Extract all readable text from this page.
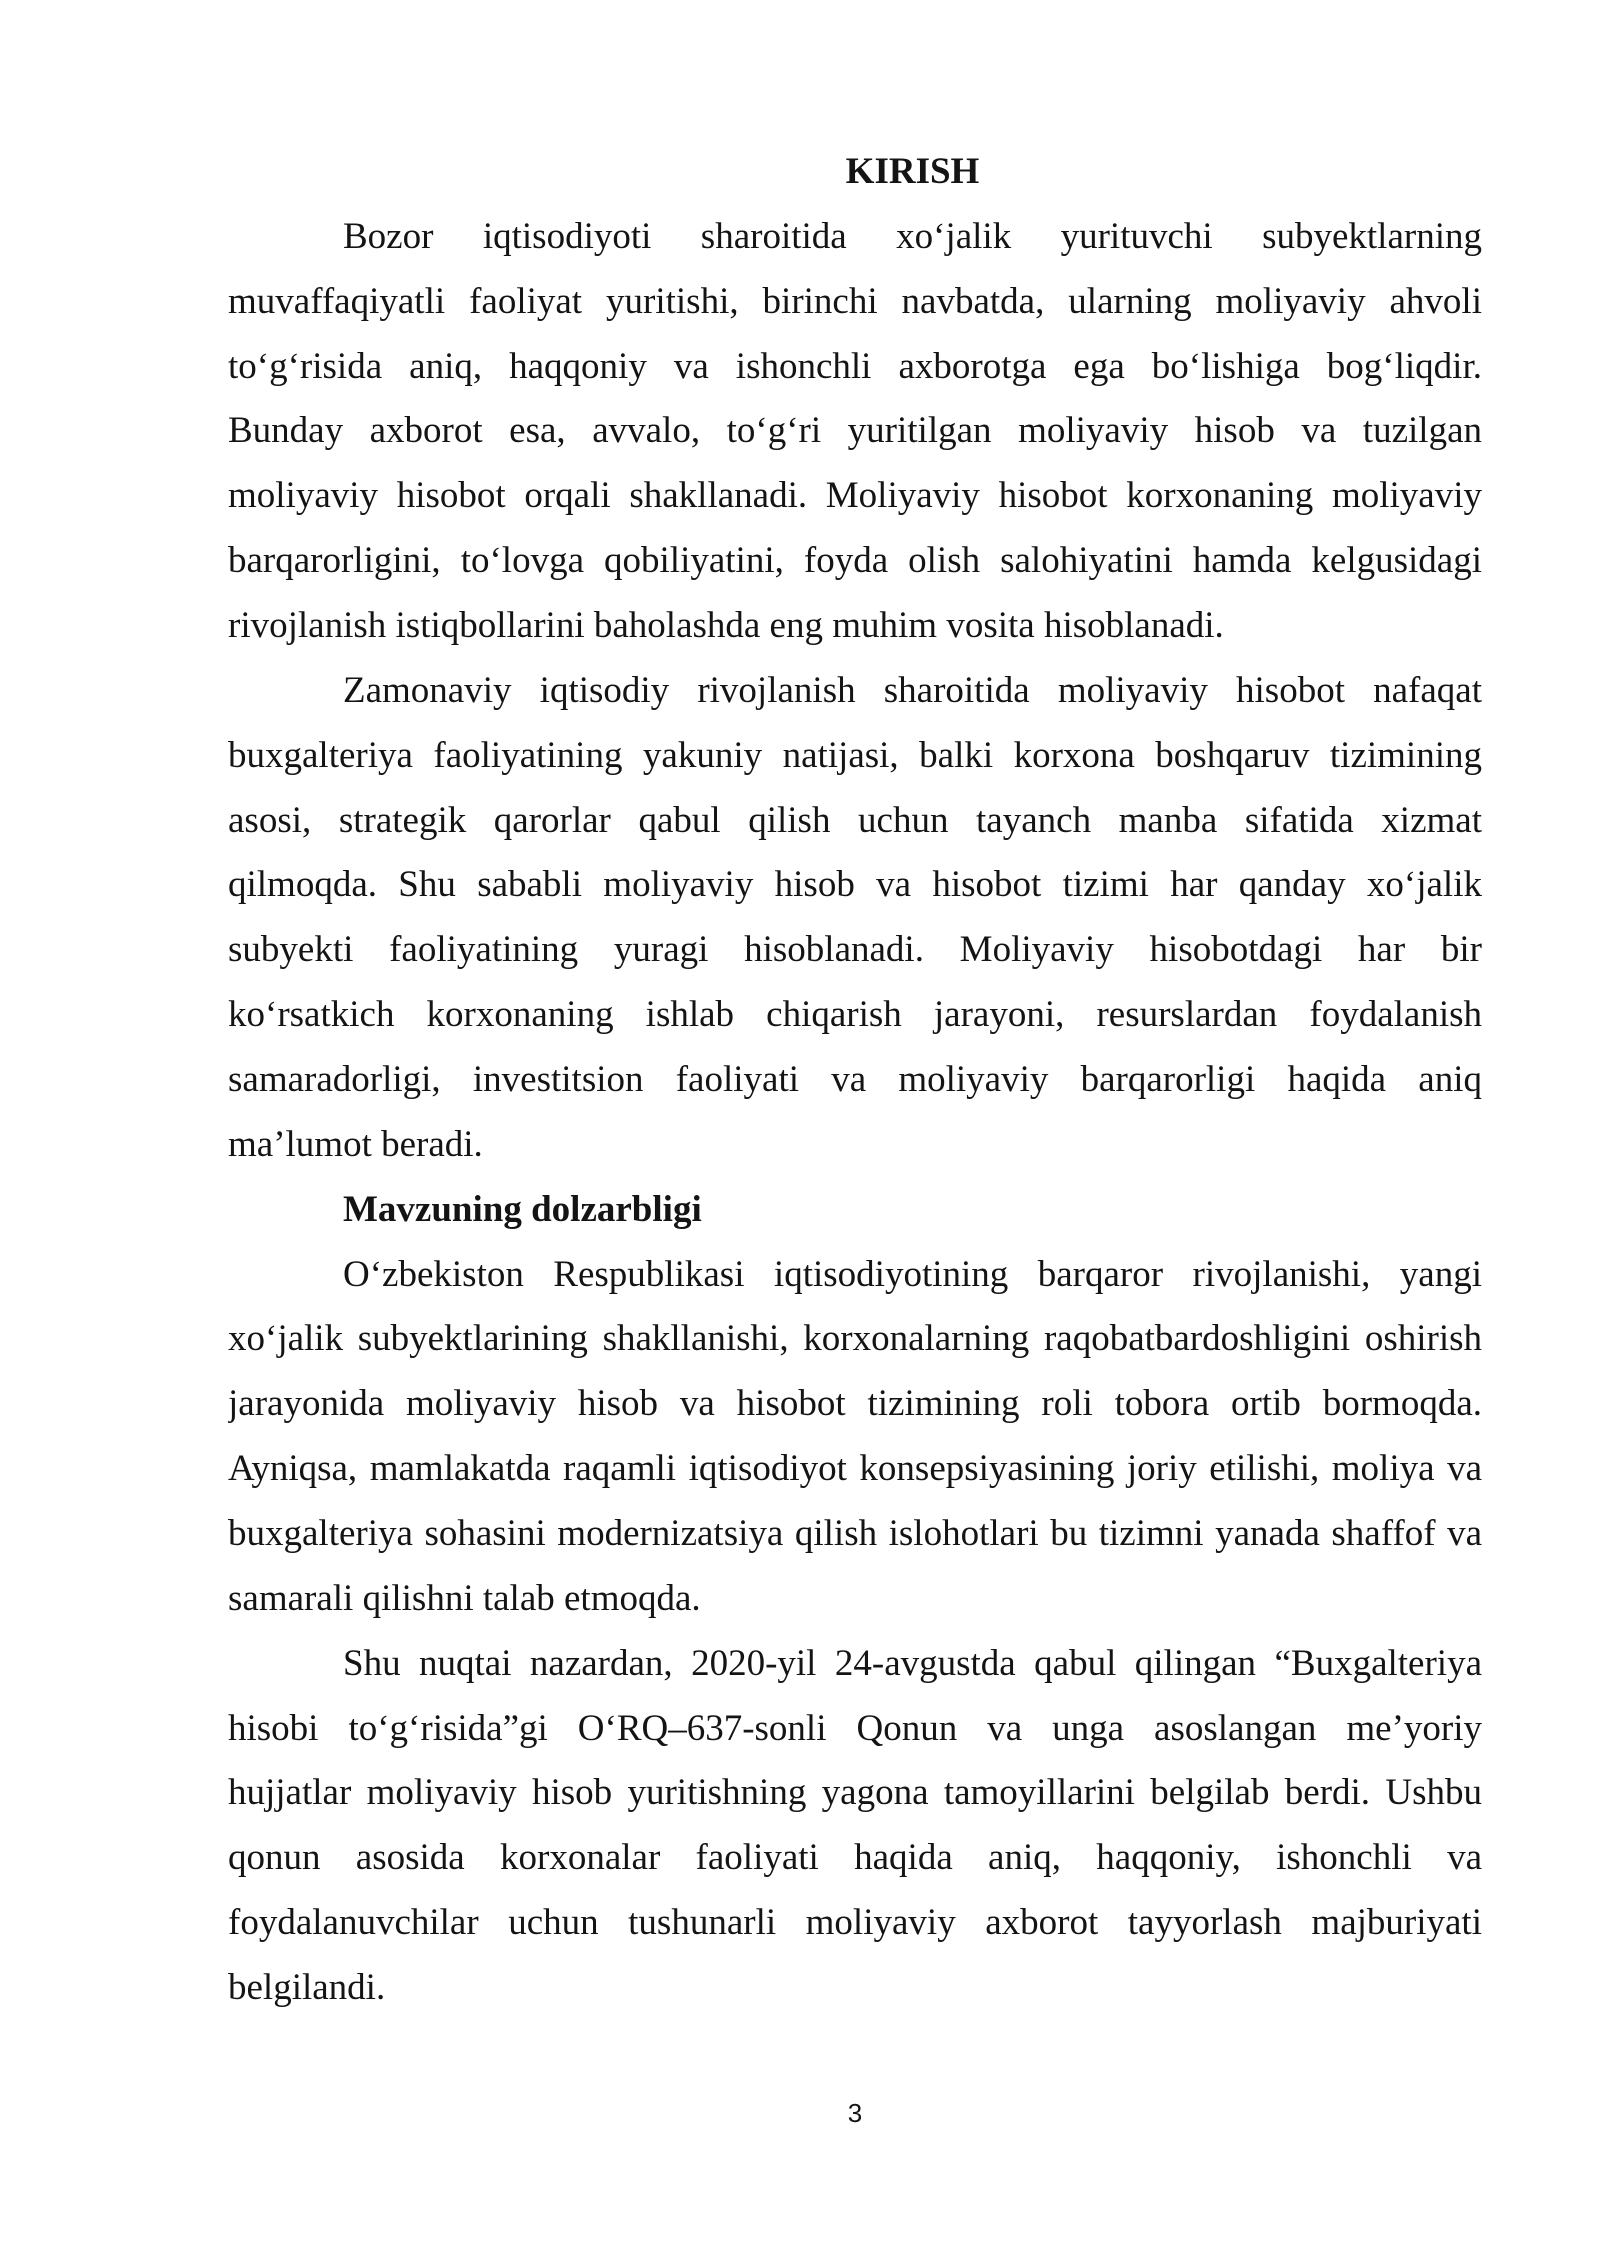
KIRISH
Bozor iqtisodiyoti sharoitida xo‘jalik yurituvchi subyektlarning
muvaffaqiyatli faoliyat yuritishi, birinchi navbatda, ularning moliyaviy ahvoli
to‘g‘risida aniq, haqqoniy va ishonchli axborotga ega bo‘lishiga bog‘liqdir.
Bunday axborot esa, avvalo, to‘g‘ri yuritilgan moliyaviy hisob va tuzilgan
moliyaviy hisobot orqali shakllanadi. Moliyaviy hisobot korxonaning moliyaviy
barqarorligini, to‘lovga qobiliyatini, foyda olish salohiyatini hamda kelgusidagi
rivojlanish istiqbollarini baholashda eng muhim vosita hisoblanadi.
Zamonaviy iqtisodiy rivojlanish sharoitida moliyaviy hisobot nafaqat
buxgalteriya faoliyatining yakuniy natijasi, balki korxona boshqaruv tizimining
asosi, strategik qarorlar qabul qilish uchun tayanch manba sifatida xizmat
qilmoqda. Shu sababli moliyaviy hisob va hisobot tizimi har qanday xo‘jalik
subyekti faoliyatining yuragi hisoblanadi. Moliyaviy hisobotdagi har bir
ko‘rsatkich korxonaning ishlab chiqarish jarayoni, resurslardan foydalanish
samaradorligi, investitsion faoliyati va moliyaviy barqarorligi haqida aniq
ma’lumot beradi.
Mavzuning dolzarbligi
O‘zbekiston Respublikasi iqtisodiyotining barqaror rivojlanishi, yangi
xo‘jalik subyektlarining shakllanishi, korxonalarning raqobatbardoshligini oshirish
jarayonida moliyaviy hisob va hisobot tizimining roli tobora ortib bormoqda.
Ayniqsa, mamlakatda raqamli iqtisodiyot konsepsiyasining joriy etilishi, moliya va
buxgalteriya sohasini modernizatsiya qilish islohotlari bu tizimni yanada shaffof va
samarali qilishni talab etmoqda.
Shu nuqtai nazardan, 2020-yil 24-avgustda qabul qilingan “Buxgalteriya
hisobi to‘g‘risida”gi O‘RQ–637-sonli Qonun va unga asoslangan me’yoriy
hujjatlar moliyaviy hisob yuritishning yagona tamoyillarini belgilab berdi. Ushbu
qonun asosida korxonalar faoliyati haqida aniq, haqqoniy, ishonchli va
foydalanuvchilar uchun tushunarli moliyaviy axborot tayyorlash majburiyati
belgilandi.
3
